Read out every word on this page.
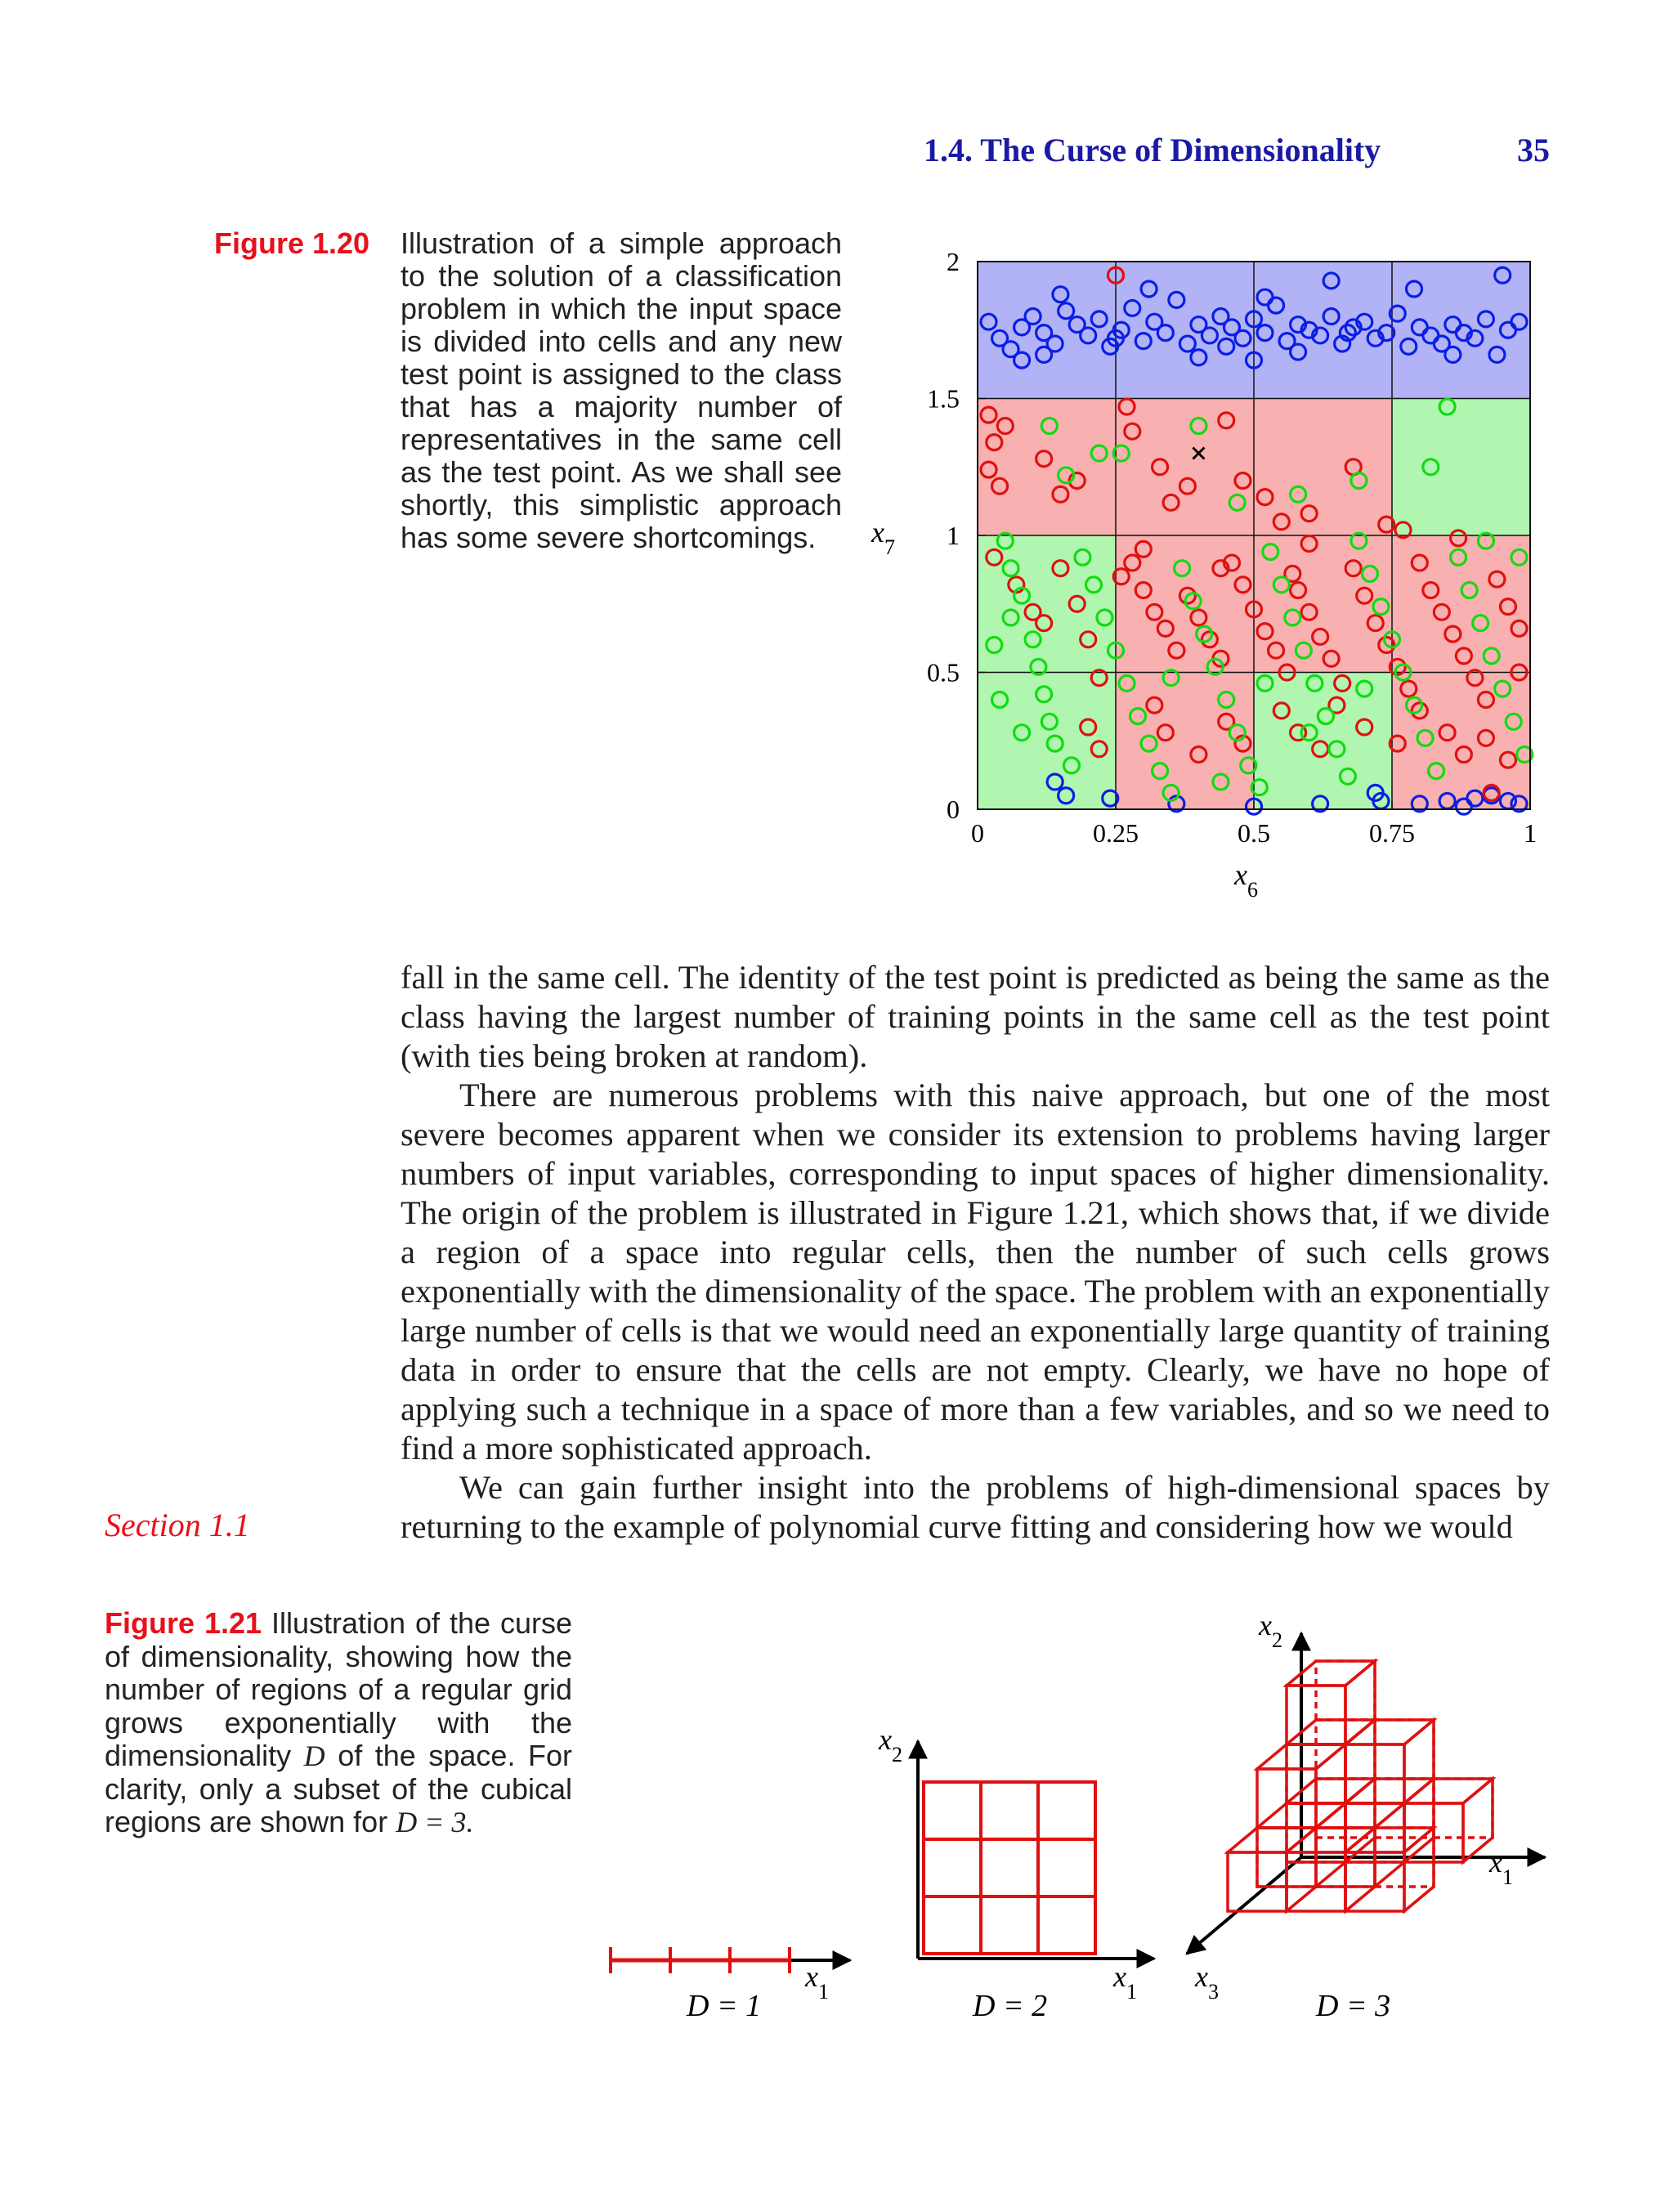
1.4. The Curse of Dimensionality	35
Figure 1.20 Illustration of a simple approach to the solution of a classification problem in which the input space is divided into cells and any new test point is assigned to the class that has a majority number of representatives in the same cell as the test point. As we shall see shortly, this simplistic approach has some severe shortcomings.
0	0.25	0.5	0.75	1
0
0.5
1
1.5
2
$x_6$
$x_7$

fall in the same cell. The identity of the test point is predicted as being the same as the class having the largest number of training points in the same cell as the test point (with ties being broken at random).

There are numerous problems with this naive approach, but one of the most severe becomes apparent when we consider its extension to problems having larger numbers of input variables, corresponding to input spaces of higher dimensionality. The origin of the problem is illustrated in Figure 1.21, which shows that, if we divide a region of a space into regular cells, then the number of such cells grows exponentially with the dimensionality of the space. The problem with an exponentially large number of cells is that we would need an exponentially large quantity of training data in order to ensure that the cells are not empty. Clearly, we have no hope of applying such a technique in a space of more than a few variables, and so we need to find a more sophisticated approach.

We can gain further insight into the problems of high-dimensional spaces by returning to the example of polynomial curve fitting and considering how we would

Section 1.1
Figure 1.21 Illustration of the curse of dimensionality, showing how the number of regions of a regular grid grows exponentially with the dimensionality D of the space. For clarity, only a subset of the cubical regions are shown for D = 3.
$x_1$
D = 1
$x_2$
$x_1$
D = 2
$x_2$
$x_1$
$x_3$	D = 3
